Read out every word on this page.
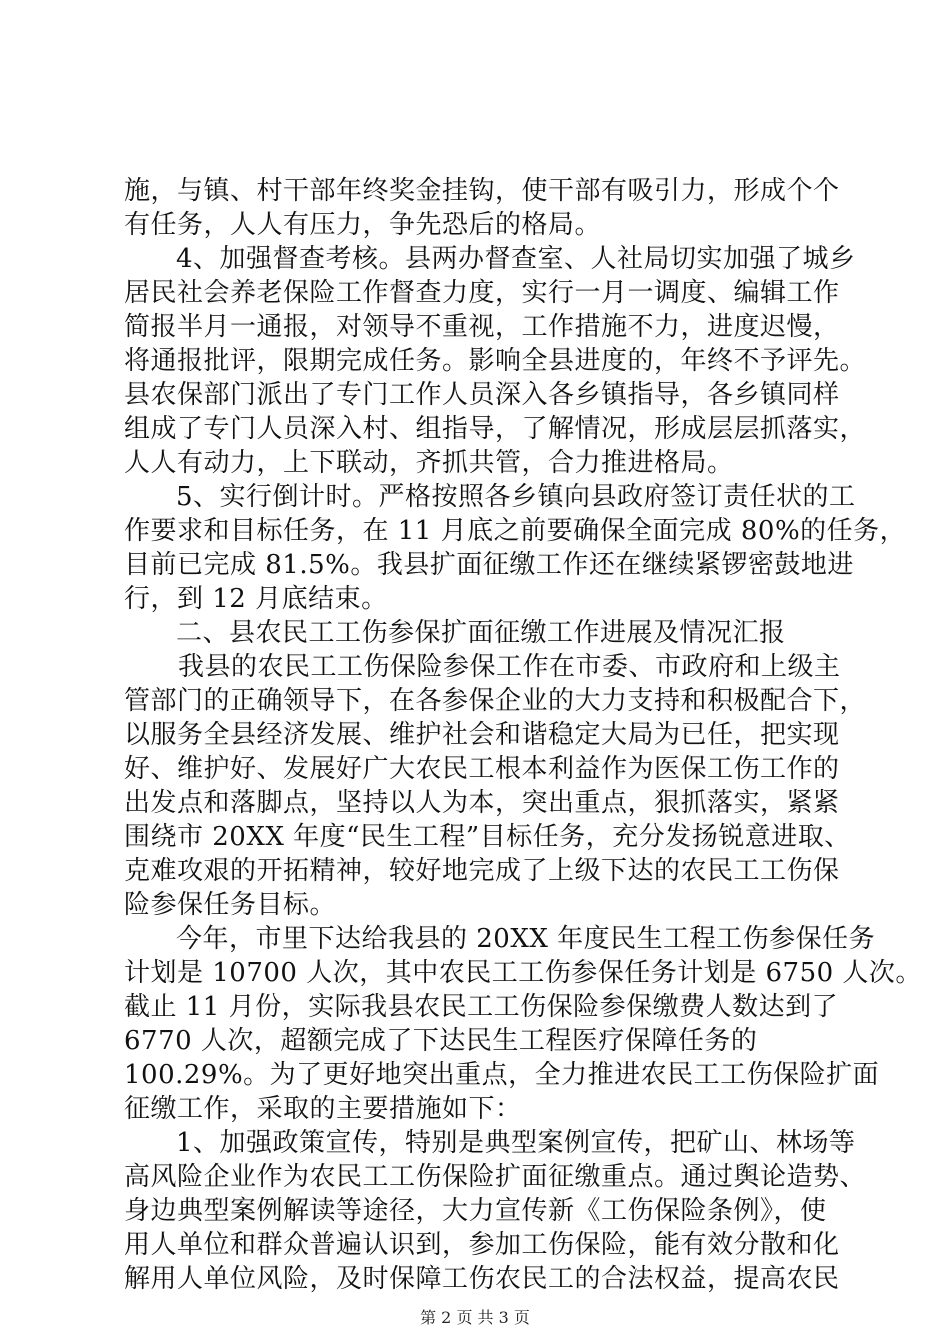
施，与镇、村干部年终奖金挂钩，使干部有吸引力，形成个个
有任务，人人有压力，争先恐后的格局。
4、加强督查考核。县两办督查室、人社局切实加强了城乡
居民社会养老保险工作督查力度，实行一月一调度、编辑工作
简报半月一通报，对领导不重视，工作措施不力，进度迟慢，
将通报批评，限期完成任务。影响全县进度的，年终不予评先。
县农保部门派出了专门工作人员深入各乡镇指导，各乡镇同样
组成了专门人员深入村、组指导，了解情况，形成层层抓落实，
人人有动力，上下联动，齐抓共管，合力推进格局。
5、实行倒计时。严格按照各乡镇向县政府签订责任状的工
作要求和目标任务，在 11 月底之前要确保全面完成 80%的任务，
目前已完成 81.5%。我县扩面征缴工作还在继续紧锣密鼓地进
行，到 12 月底结束。
二、县农民工工伤参保扩面征缴工作进展及情况汇报
我县的农民工工伤保险参保工作在市委、市政府和上级主
管部门的正确领导下，在各参保企业的大力支持和积极配合下，
以服务全县经济发展、维护社会和谐稳定大局为已任，把实现
好、维护好、发展好广大农民工根本利益作为医保工伤工作的
出发点和落脚点，坚持以人为本，突出重点，狠抓落实，紧紧
围绕市 20XX 年度“民生工程”目标任务，充分发扬锐意进取、
克难攻艰的开拓精神，较好地完成了上级下达的农民工工伤保
险参保任务目标。
今年，市里下达给我县的 20XX 年度民生工程工伤参保任务
计划是 10700 人次，其中农民工工伤参保任务计划是 6750 人次。
截止 11 月份，实际我县农民工工伤保险参保缴费人数达到了
6770 人次，超额完成了下达民生工程医疗保障任务的
100.29%。为了更好地突出重点，全力推进农民工工伤保险扩面
征缴工作，采取的主要措施如下：
1、加强政策宣传，特别是典型案例宣传，把矿山、林场等
高风险企业作为农民工工伤保险扩面征缴重点。通过舆论造势、
身边典型案例解读等途径，大力宣传新《工伤保险条例》，使
用人单位和群众普遍认识到，参加工伤保险，能有效分散和化
解用人单位风险，及时保障工伤农民工的合法权益，提高农民
第 2 页 共 3 页
